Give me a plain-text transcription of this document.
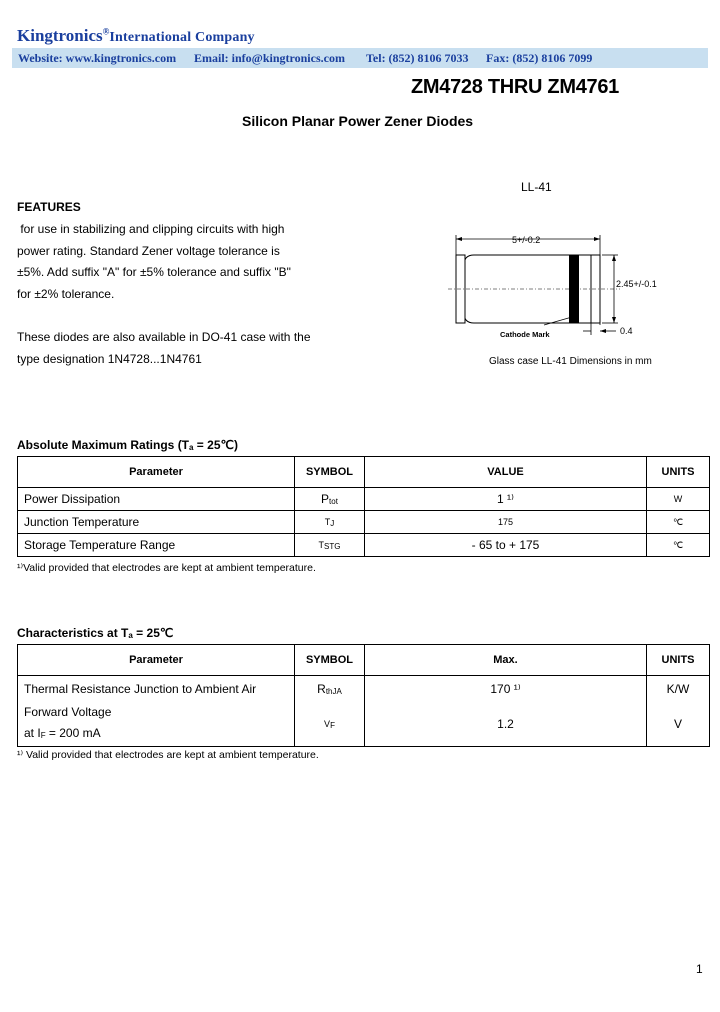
Kingtronics®International Company
Website: www.kingtronics.com Email: info@kingtronics.com Tel: (852) 8106 7033 Fax: (852) 8106 7099
ZM4728 THRU ZM4761
Silicon Planar Power Zener Diodes
FEATURES
for use in stabilizing and clipping circuits with high
power rating. Standard Zener voltage tolerance is
±5%. Add suffix "A" for ±5% tolerance and suffix "B"
for ±2% tolerance.
These diodes are also available in DO-41 case with the
type designation 1N4728...1N4761
LL-41
5+/-0.2
2.45+/-0.1
0.4
Cathode Mark
Glass case LL-41 Dimensions in mm
Absolute Maximum Ratings (Ta = 25℃)
Parameter	SYMBOL	VALUE	UNITS
Power Dissipation	Ptot	1 ¹⁾	W
Junction Temperature	TJ	175	℃
Storage Temperature Range	TSTG	- 65 to + 175	℃
¹⁾Valid provided that electrodes are kept at ambient temperature.
Characteristics at Ta = 25℃
Parameter	SYMBOL	Max.	UNITS
Thermal Resistance Junction to Ambient Air	RthJA	170 ¹⁾	K/W

Forward Voltage
at IF = 200 mA	VF	1.2	V
¹⁾ Valid provided that electrodes are kept at ambient temperature.
1
